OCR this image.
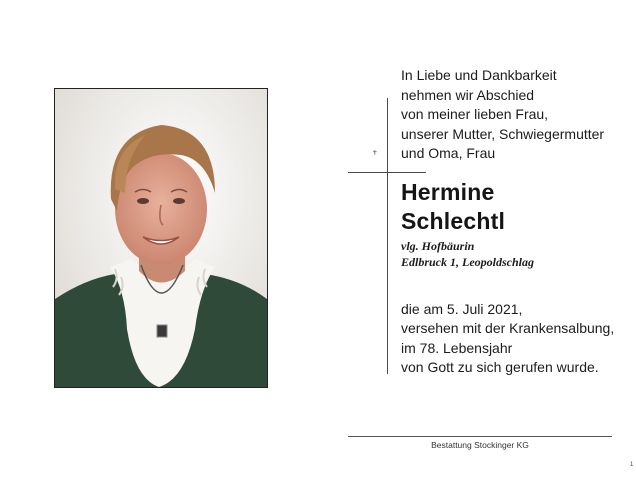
✝
In Liebe und Dankbarkeit
nehmen wir Abschied
von meiner lieben Frau,
unserer Mutter, Schwiegermutter
und Oma, Frau
Hermine
Schlechtl
vlg. Hofbäurin
Edlbruck 1, Leopoldschlag
die am 5. Juli 2021,
versehen mit der Krankensalbung,
im 78. Lebensjahr
von Gott zu sich gerufen wurde.
Bestattung Stockinger KG
1
